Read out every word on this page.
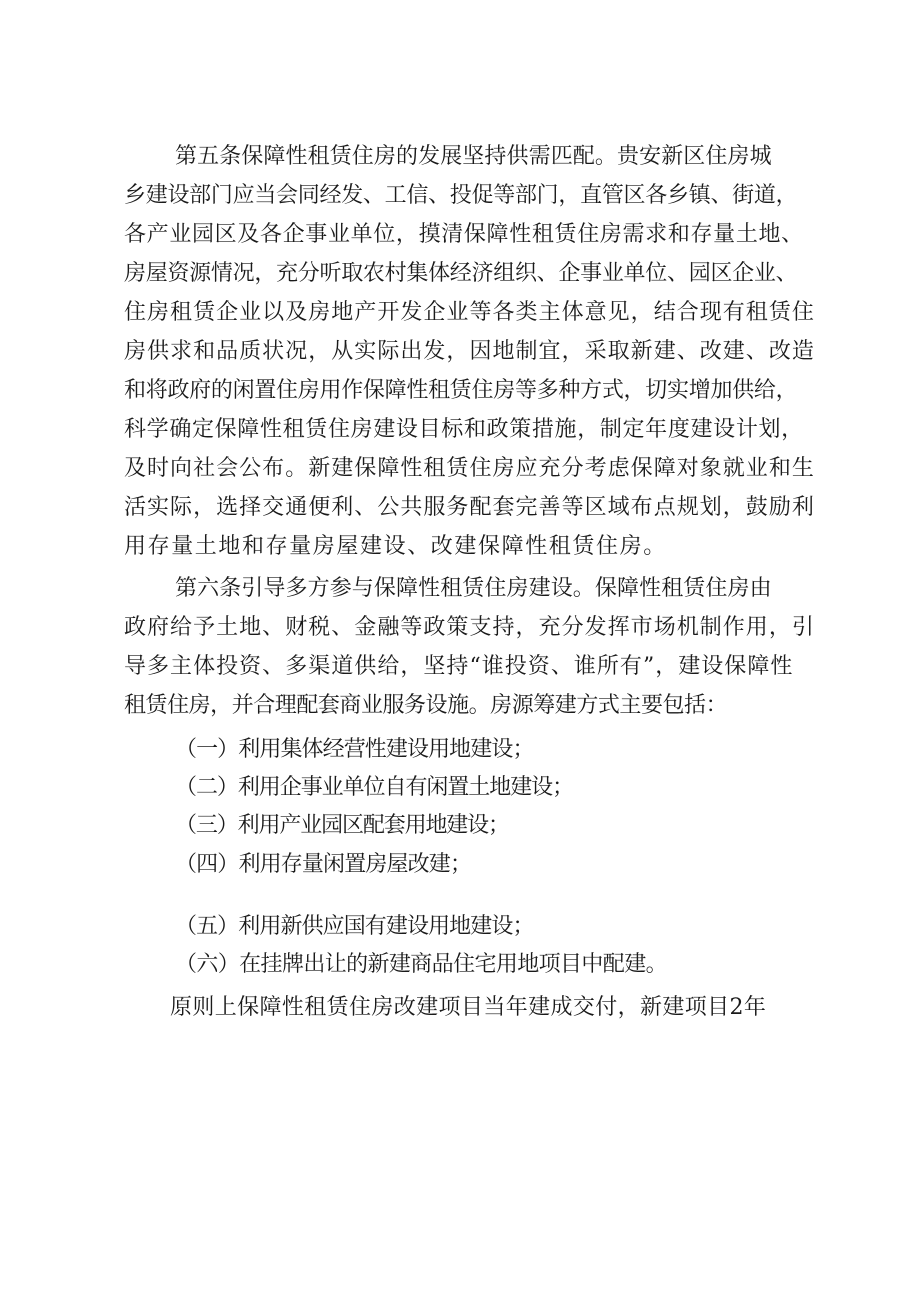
第五条保障性租赁住房的发展坚持供需匹配。贵安新区住房城
乡建设部门应当会同经发、工信、投促等部门，直管区各乡镇、街道，
各产业园区及各企事业单位，摸清保障性租赁住房需求和存量土地、
房屋资源情况，充分听取农村集体经济组织、企事业单位、园区企业、
住房租赁企业以及房地产开发企业等各类主体意见，结合现有租赁住
房供求和品质状况，从实际出发，因地制宜，采取新建、改建、改造
和将政府的闲置住房用作保障性租赁住房等多种方式，切实增加供给，
科学确定保障性租赁住房建设目标和政策措施，制定年度建设计划，
及时向社会公布。新建保障性租赁住房应充分考虑保障对象就业和生
活实际，选择交通便利、公共服务配套完善等区域布点规划，鼓励利
用存量土地和存量房屋建设、改建保障性租赁住房。
第六条引导多方参与保障性租赁住房建设。保障性租赁住房由
政府给予土地、财税、金融等政策支持，充分发挥市场机制作用，引
导多主体投资、多渠道供给，坚持“谁投资、谁所有”，建设保障性
租赁住房，并合理配套商业服务设施。房源筹建方式主要包括：
（一）利用集体经营性建设用地建设；
（二）利用企事业单位自有闲置土地建设；
（三）利用产业园区配套用地建设；
（四）利用存量闲置房屋改建；
（五）利用新供应国有建设用地建设；
（六）在挂牌出让的新建商品住宅用地项目中配建。
原则上保障性租赁住房改建项目当年建成交付，新建项目2年
